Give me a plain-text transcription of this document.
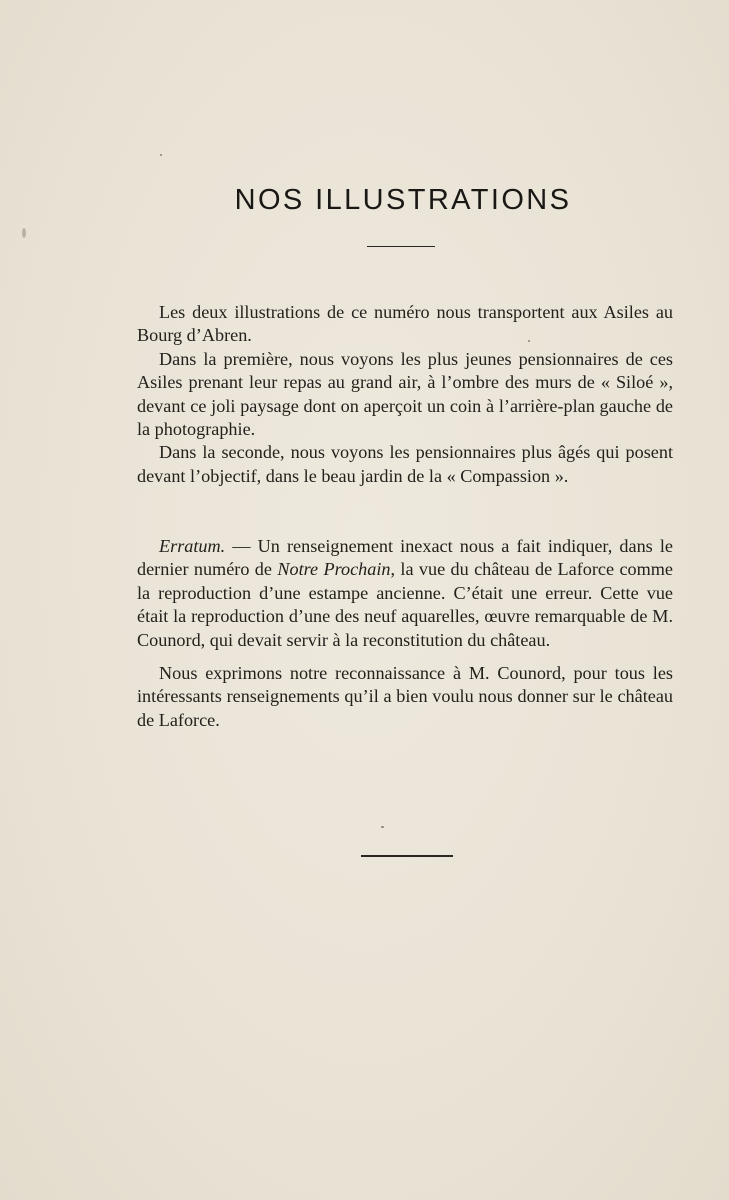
NOS ILLUSTRATIONS

Les deux illustrations de ce numéro nous transportent aux Asiles au Bourg d’Abren.

Dans la première, nous voyons les plus jeunes pensionnaires de ces Asiles prenant leur repas au grand air, à l’ombre des murs de « Siloé », devant ce joli paysage dont on aperçoit un coin à l’arrière-plan gauche de la photographie.

Dans la seconde, nous voyons les pensionnaires plus âgés qui posent devant l’objectif, dans le beau jardin de la « Compassion ».

Erratum. — Un renseignement inexact nous a fait indiquer, dans le dernier numéro de Notre Prochain, la vue du château de Laforce comme la reproduction d’une estampe ancienne. C’était une erreur. Cette vue était la reproduction d’une des neuf aquarelles, œuvre remarquable de M. Counord, qui devait servir à la reconstitution du château.

Nous exprimons notre reconnaissance à M. Counord, pour tous les intéressants renseignements qu’il a bien voulu nous donner sur le château de Laforce.
